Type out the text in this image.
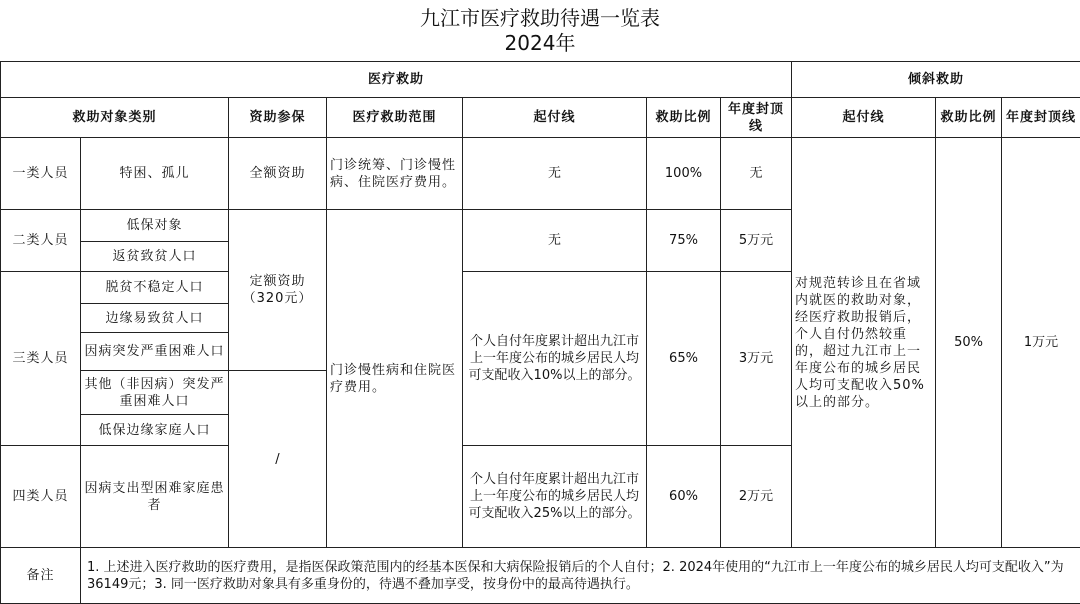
九江市医疗救助待遇一览表
2024年
医疗救助							倾斜救助		
救助对象类别		资助参保	医疗救助范围	起付线	救助比例	年度封顶线	起付线	救助比例	年度封顶线
一类人员	特困、孤儿	全额资助	门诊统筹、门诊慢性病、住院医疗费用。	无	100%	无	对规范转诊且在省域内就医的救助对象，经医疗救助报销后，个人自付仍然较重的，超过九江市上一年度公布的城乡居民人均可支配收入50%以上的部分。	50%	1万元
二类人员	低保对象	定额资助（320元）	门诊慢性病和住院医疗费用。	无	75%	5万元			
	返贫致贫人口								
三类人员	脱贫不稳定人口			个人自付年度累计超出九江市上一年度公布的城乡居民人均可支配收入10%以上的部分。	65%	3万元			
	边缘易致贫人口								
	因病突发严重困难人口								
	其他（非因病）突发严重困难人口	/							
	低保边缘家庭人口								
四类人员	因病支出型困难家庭患者			个人自付年度累计超出九江市上一年度公布的城乡居民人均可支配收入25%以上的部分。	60%	2万元			
备注	1. 上述进入医疗救助的医疗费用，是指医保政策范围内的经基本医保和大病保险报销后的个人自付；2. 2024年使用的“九江市上一年度公布的城乡居民人均可支配收入”为36149元；3. 同一医疗救助对象具有多重身份的，待遇不叠加享受，按身份中的最高待遇执行。								
